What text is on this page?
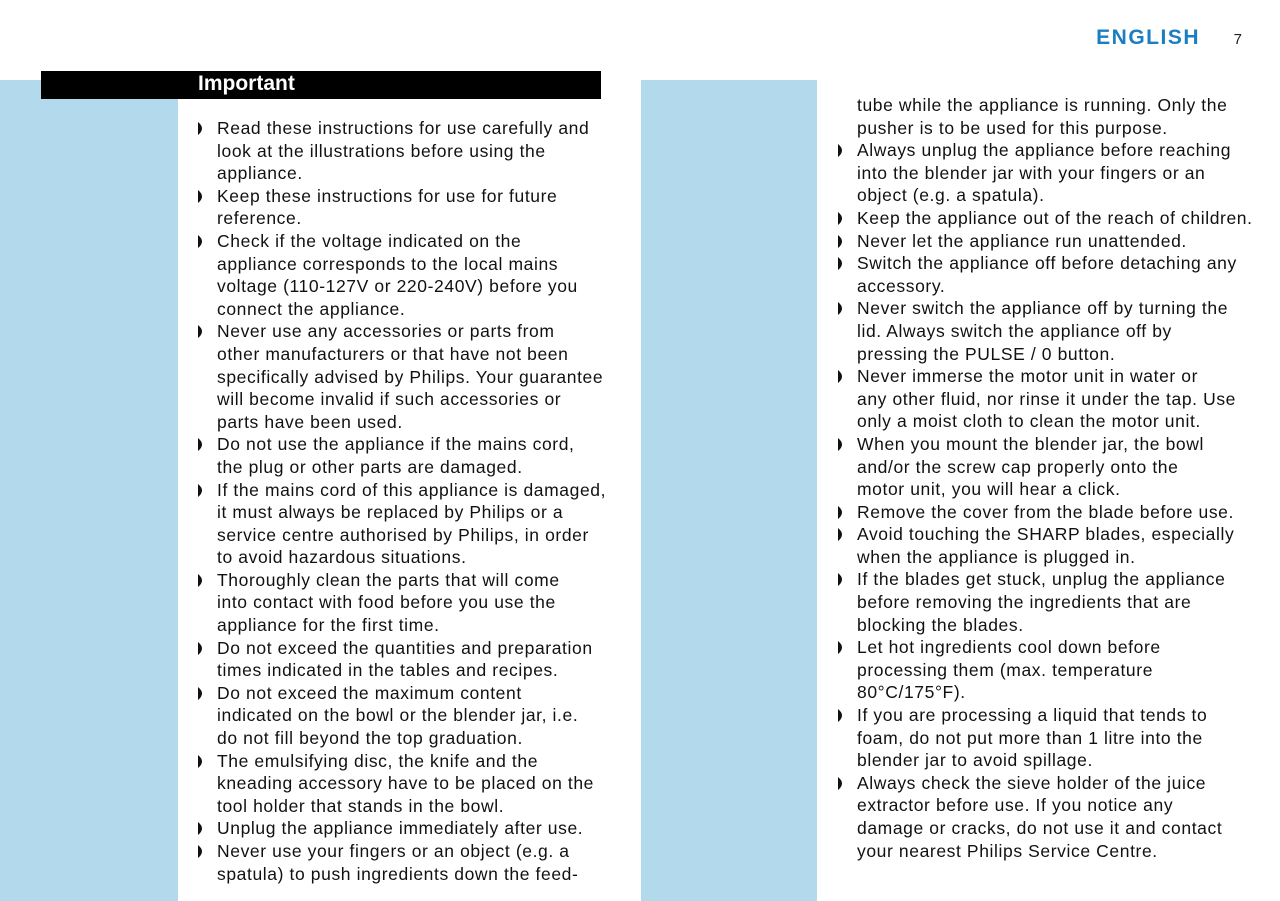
ENGLISH 7
Important
Read these instructions for use carefully and
look at the illustrations before using the
appliance.
Keep these instructions for use for future
reference.
Check if the voltage indicated on the
appliance corresponds to the local mains
voltage (110-127V or 220-240V) before you
connect the appliance.
Never use any accessories or parts from
other manufacturers or that have not been
specifically advised by Philips. Your guarantee
will become invalid if such accessories or
parts have been used.
Do not use the appliance if the mains cord,
the plug or other parts are damaged.
If the mains cord of this appliance is damaged,
it must always be replaced by Philips or a
service centre authorised by Philips, in order
to avoid hazardous situations.
Thoroughly clean the parts that will come
into contact with food before you use the
appliance for the first time.
Do not exceed the quantities and preparation
times indicated in the tables and recipes.
Do not exceed the maximum content
indicated on the bowl or the blender jar, i.e.
do not fill beyond the top graduation.
The emulsifying disc, the knife and the
kneading accessory have to be placed on the
tool holder that stands in the bowl.
Unplug the appliance immediately after use.
Never use your fingers or an object (e.g. a
spatula) to push ingredients down the feed-
tube while the appliance is running. Only the
pusher is to be used for this purpose.
Always unplug the appliance before reaching
into the blender jar with your fingers or an
object (e.g. a spatula).
Keep the appliance out of the reach of children.
Never let the appliance run unattended.
Switch the appliance off before detaching any
accessory.
Never switch the appliance off by turning the
lid. Always switch the appliance off by
pressing the PULSE / 0 button.
Never immerse the motor unit in water or
any other fluid, nor rinse it under the tap. Use
only a moist cloth to clean the motor unit.
When you mount the blender jar, the bowl
and/or the screw cap properly onto the
motor unit, you will hear a click.
Remove the cover from the blade before use.
Avoid touching the SHARP blades, especially
when the appliance is plugged in.
If the blades get stuck, unplug the appliance
before removing the ingredients that are
blocking the blades.
Let hot ingredients cool down before
processing them (max. temperature
80°C/175°F).
If you are processing a liquid that tends to
foam, do not put more than 1 litre into the
blender jar to avoid spillage.
Always check the sieve holder of the juice
extractor before use. If you notice any
damage or cracks, do not use it and contact
your nearest Philips Service Centre.
